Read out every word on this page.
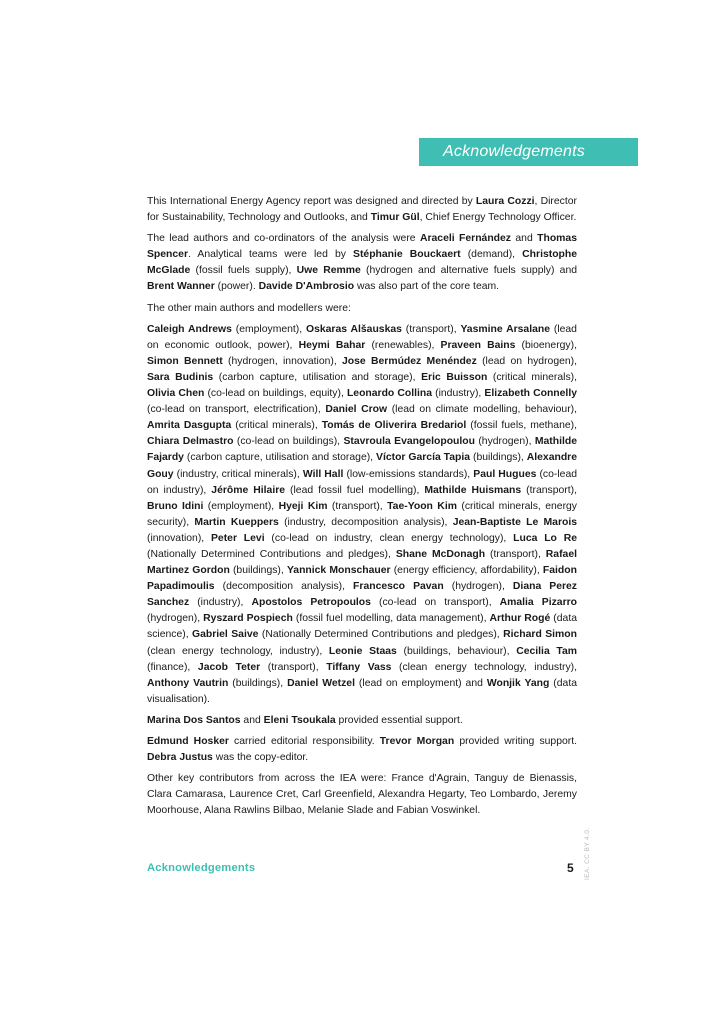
Acknowledgements

This International Energy Agency report was designed and directed by Laura Cozzi, Director for Sustainability, Technology and Outlooks, and Timur Gül, Chief Energy Technology Officer.

The lead authors and co-ordinators of the analysis were Araceli Fernández and Thomas Spencer. Analytical teams were led by Stéphanie Bouckaert (demand), Christophe McGlade (fossil fuels supply), Uwe Remme (hydrogen and alternative fuels supply) and Brent Wanner (power). Davide D'Ambrosio was also part of the core team.

The other main authors and modellers were:

Caleigh Andrews (employment), Oskaras Alšauskas (transport), Yasmine Arsalane (lead on economic outlook, power), Heymi Bahar (renewables), Praveen Bains (bioenergy), Simon Bennett (hydrogen, innovation), Jose Bermúdez Menéndez (lead on hydrogen), Sara Budinis (carbon capture, utilisation and storage), Eric Buisson (critical minerals), Olivia Chen (co-lead on buildings, equity), Leonardo Collina (industry), Elizabeth Connelly (co-lead on transport, electrification), Daniel Crow (lead on climate modelling, behaviour), Amrita Dasgupta (critical minerals), Tomás de Oliverira Bredariol (fossil fuels, methane), Chiara Delmastro (co-lead on buildings), Stavroula Evangelopoulou (hydrogen), Mathilde Fajardy (carbon capture, utilisation and storage), Víctor García Tapia (buildings), Alexandre Gouy (industry, critical minerals), Will Hall (low-emissions standards), Paul Hugues (co-lead on industry), Jérôme Hilaire (lead fossil fuel modelling), Mathilde Huismans (transport), Bruno Idini (employment), Hyeji Kim (transport), Tae-Yoon Kim (critical minerals, energy security), Martin Kueppers (industry, decomposition analysis), Jean-Baptiste Le Marois (innovation), Peter Levi (co-lead on industry, clean energy technology), Luca Lo Re (Nationally Determined Contributions and pledges), Shane McDonagh (transport), Rafael Martinez Gordon (buildings), Yannick Monschauer (energy efficiency, affordability), Faidon Papadimoulis (decomposition analysis), Francesco Pavan (hydrogen), Diana Perez Sanchez (industry), Apostolos Petropoulos (co-lead on transport), Amalia Pizarro (hydrogen), Ryszard Pospiech (fossil fuel modelling, data management), Arthur Rogé (data science), Gabriel Saive (Nationally Determined Contributions and pledges), Richard Simon (clean energy technology, industry), Leonie Staas (buildings, behaviour), Cecilia Tam (finance), Jacob Teter (transport), Tiffany Vass (clean energy technology, industry), Anthony Vautrin (buildings), Daniel Wetzel (lead on employment) and Wonjik Yang (data visualisation).

Marina Dos Santos and Eleni Tsoukala provided essential support.

Edmund Hosker carried editorial responsibility. Trevor Morgan provided writing support. Debra Justus was the copy-editor.

Other key contributors from across the IEA were: France d'Agrain, Tanguy de Bienassis, Clara Camarasa, Laurence Cret, Carl Greenfield, Alexandra Hegarty, Teo Lombardo, Jeremy Moorhouse, Alana Rawlins Bilbao, Melanie Slade and Fabian Voswinkel.

Acknowledgements	5 IEA. CC BY 4.0.
